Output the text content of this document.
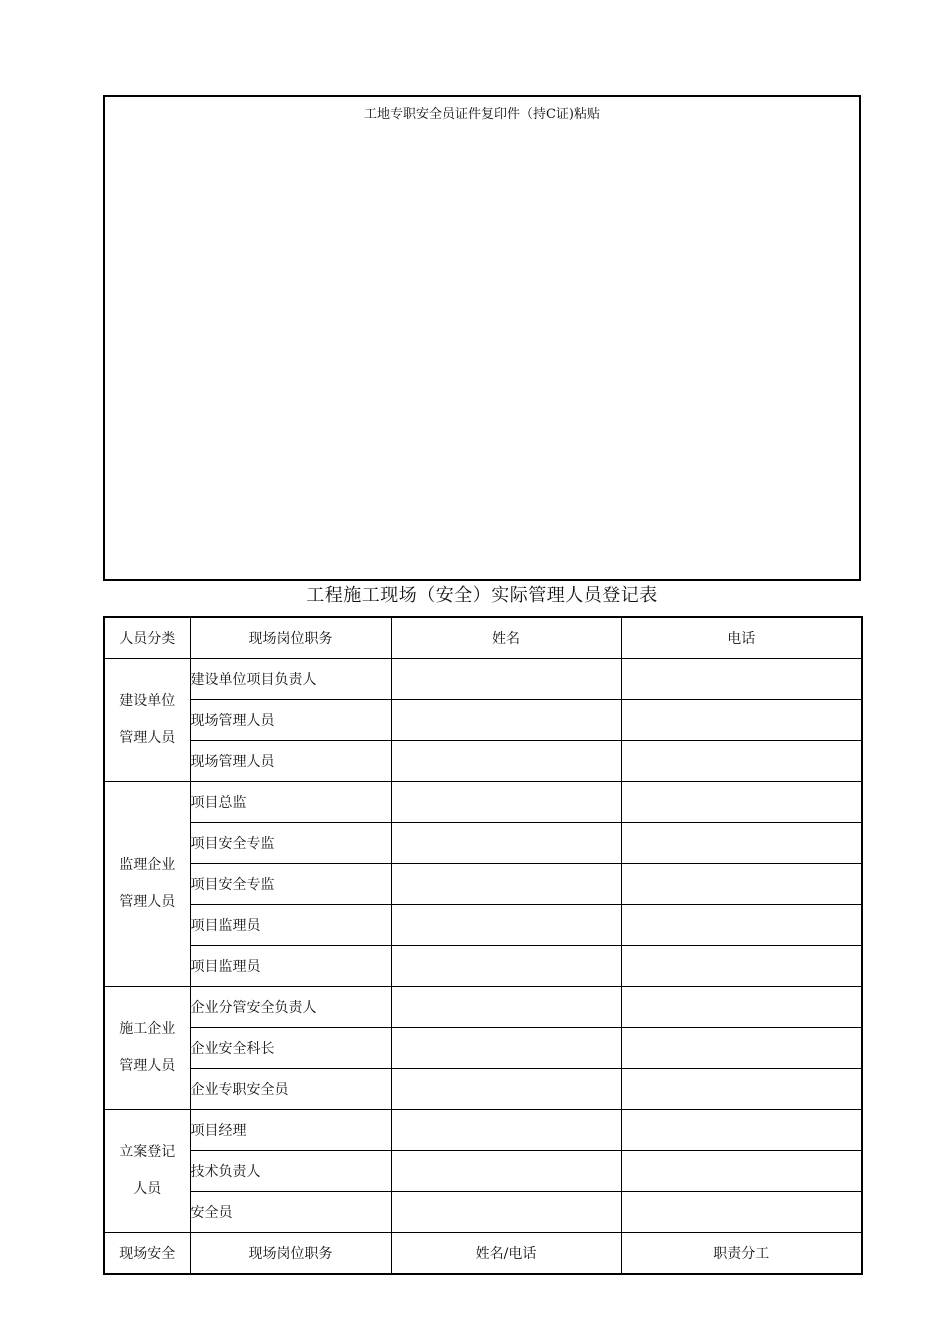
工地专职安全员证件复印件（持C证)粘贴
工程施工现场（安全）实际管理人员登记表
人员分类	现场岗位职务	姓名	电话

建设单位
管理人员	建设单位项目负责人		
	现场管理人员		
	现场管理人员		

监理企业
管理人员	项目总监		
	项目安全专监		
	项目安全专监		
	项目监理员		
	项目监理员		

施工企业
管理人员	企业分管安全负责人		
	企业安全科长		
	企业专职安全员		

立案登记
人员	项目经理		
	技术负责人		
	安全员		
现场安全	现场岗位职务	姓名/电话	职责分工
